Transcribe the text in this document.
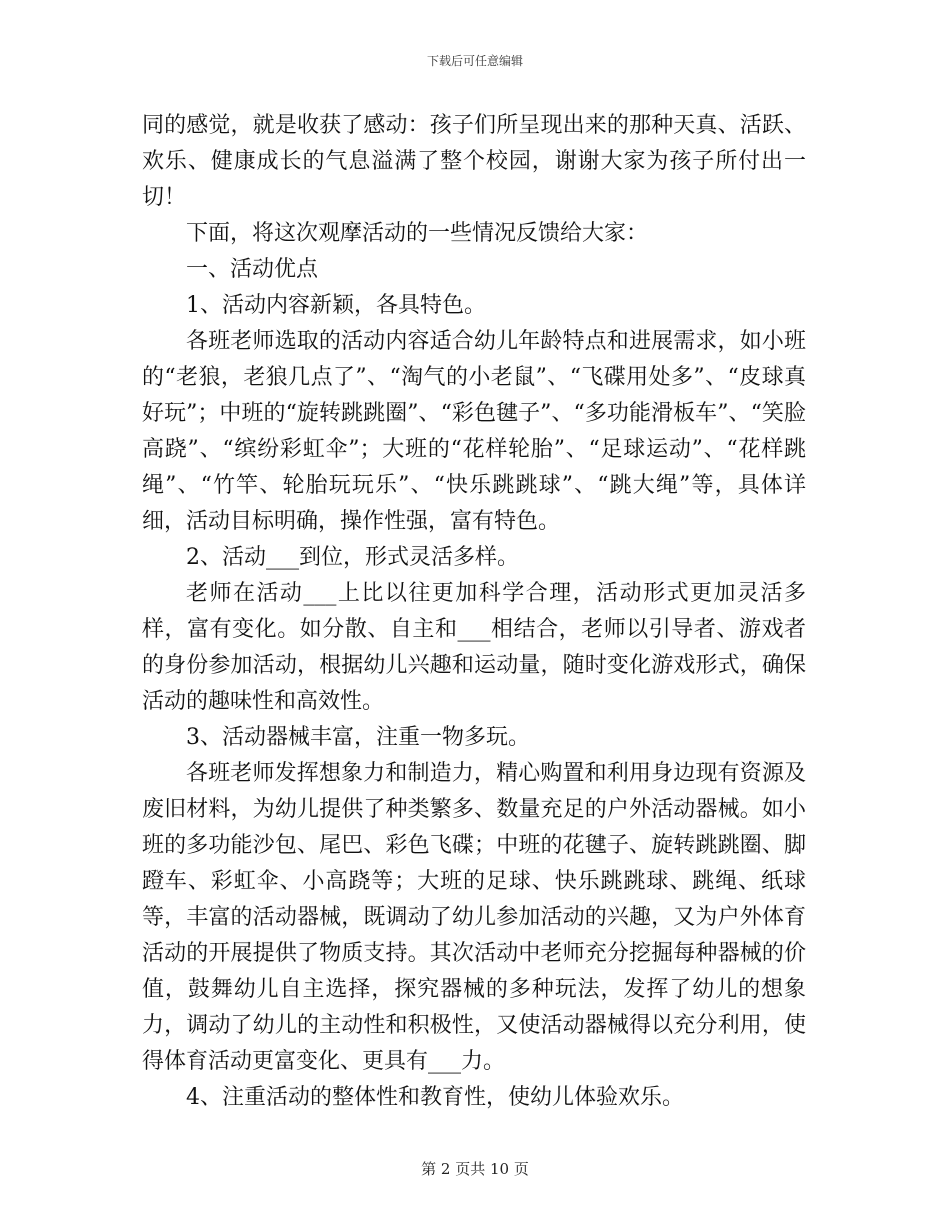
下载后可任意编辑

同的感觉，就是收获了感动：孩子们所呈现出来的那种天真、活跃、欢乐、健康成长的气息溢满了整个校园，谢谢大家为孩子所付出一切！

下面，将这次观摩活动的一些情况反馈给大家：

一、活动优点

1、活动内容新颖，各具特色。

各班老师选取的活动内容适合幼儿年龄特点和进展需求，如小班的“老狼，老狼几点了”、“淘气的小老鼠”、“飞碟用处多”、“皮球真好玩”；中班的“旋转跳跳圈”、“彩色毽子”、“多功能滑板车”、“笑脸高跷”、“缤纷彩虹伞”；大班的“花样轮胎”、“足球运动”、“花样跳绳”、“竹竿、轮胎玩玩乐”、“快乐跳跳球”、“跳大绳”等，具体详细，活动目标明确，操作性强，富有特色。

2、活动___到位，形式灵活多样。

老师在活动___上比以往更加科学合理，活动形式更加灵活多样，富有变化。如分散、自主和___相结合，老师以引导者、游戏者的身份参加活动，根据幼儿兴趣和运动量，随时变化游戏形式，确保活动的趣味性和高效性。

3、活动器械丰富，注重一物多玩。

各班老师发挥想象力和制造力，精心购置和利用身边现有资源及废旧材料，为幼儿提供了种类繁多、数量充足的户外活动器械。如小班的多功能沙包、尾巴、彩色飞碟；中班的花毽子、旋转跳跳圈、脚蹬车、彩虹伞、小高跷等；大班的足球、快乐跳跳球、跳绳、纸球等，丰富的活动器械，既调动了幼儿参加活动的兴趣，又为户外体育活动的开展提供了物质支持。其次活动中老师充分挖掘每种器械的价值，鼓舞幼儿自主选择，探究器械的多种玩法，发挥了幼儿的想象力，调动了幼儿的主动性和积极性，又使活动器械得以充分利用，使得体育活动更富变化、更具有___力。

4、注重活动的整体性和教育性，使幼儿体验欢乐。

第 2 页共 10 页
